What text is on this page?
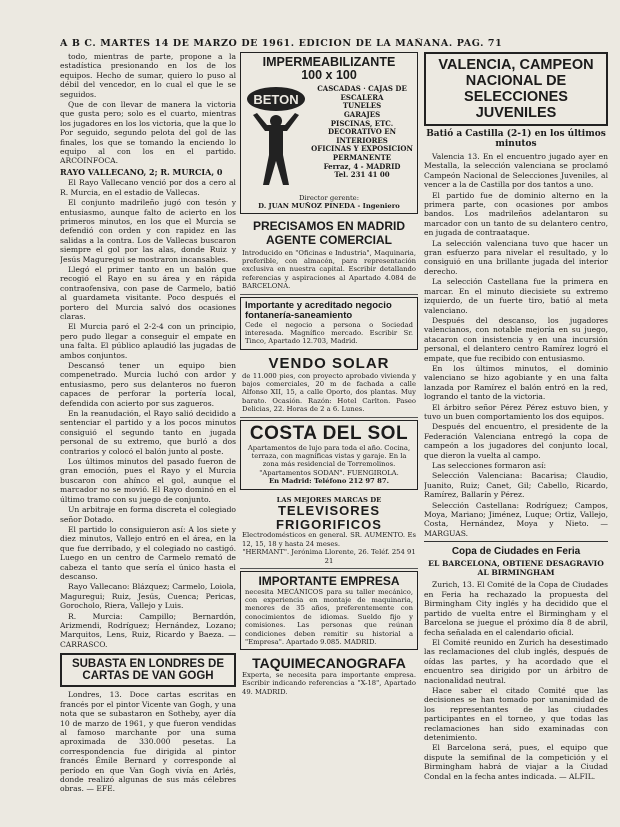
A B C. MARTES 14 DE MARZO DE 1961. EDICION DE LA MAÑANA. PAG. 71

todo, mientras de parte, propone a la estadística presionando en los de los equipos. Hecho de sumar, quiero lo puso al débil del vencedor, en lo cual el que le se seguidos.

Que de con llevar de manera la victoria que gusta pero; solo es el cuarto, mientras los jugadores en los los victoria, que la que lo Por seguido, segundo pelota del gol de las finales, los que se tomando la enciendo lo equipo al con los en el partido. ARCOINFOCA.

RAYO VALLECANO, 2; R. MURCIA, 0

El Rayo Vallecano venció por dos a cero al R. Murcia, en el estadio de Vallecas.

El conjunto madrileño jugó con tesón y entusiasmo, aunque falto de acierto en los primeros minutos, en los que el Murcia se defendió con orden y con rapidez en las salidas a la contra. Los de Vallecas buscaron siempre el gol por las alas, donde Ruiz y Jesús Maguregui se mostraron incansables.

Llegó el primer tanto en un balón que recogió el Rayo en su área y en rápida contraofensiva, con pase de Carmelo, batió al guardameta visitante. Poco después el portero del Murcia salvó dos ocasiones claras.

El Murcia paró el 2-2-4 con un principio, pero pudo llegar a conseguir el empate en una falta. El público aplaudió las jugadas de ambos conjuntos.

Descansó tener un equipo bien compenetrado. Murcia luchó con ardor y entusiasmo, pero sus delanteros no fueron capaces de perforar la portería local, defendida con acierto por sus zagueros.

En la reanudación, el Rayo salió decidido a sentenciar el partido y a los pocos minutos consiguió el segundo tanto en jugada personal de su extremo, que burló a dos contrarios y colocó el balón junto al poste.

Los últimos minutos del pasado fueron de gran emoción, pues el Rayo y el Murcia buscaron con ahínco el gol, aunque el marcador no se movió. El Rayo dominó en el último tramo con su juego de conjunto.

Un arbitraje en forma discreta el colegiado señor Dotado.

El partido lo consiguieron así: A los siete y diez minutos, Vallejo entró en el área, en la que fue derribado, y el colegiado no castigó. Luego en un centro de Carmelo remató de cabeza el tanto que sería el único hasta el descanso.

Rayo Vallecano: Blázquez; Carmelo, Loiola, Maguregui; Ruiz, Jesús, Cuenca; Pericas, Gorocholo, Riera, Vallejo y Luis.

R. Murcia: Campillo; Bernardón, Arizmendi, Rodríguez; Hernández, Lozano; Marquitos, Lens, Ruiz, Ricardo y Baeza. — CARRASCO.

SUBASTA EN LONDRES DE CARTAS DE VAN GOGH

Londres, 13. Doce cartas escritas en francés por el pintor Vicente van Gogh, y una nota que se subastaron en Sotheby, ayer día 10 de marzo de 1961, y que fueron vendidas al famoso marchante por una suma aproximada de 330.000 pesetas. La correspondencia fue dirigida al pintor francés Émile Bernard y corresponde al período en que Van Gogh vivía en Arlés, donde realizó algunas de sus más célebres obras. — EFE.

IMPERMEABILIZANTE
100 x 100
BETON
CASCADAS · CAJAS DE ESCALERA
TUNELES
GARAJES
PISCINAS, ETC.
DECORATIVO EN INTERIORES
OFICINAS Y EXPOSICION PERMANENTE
Ferraz, 4 - MADRID
Tel. 231 41 00
Director gerente:
D. JUAN MUÑOZ PINEDA - Ingeniero
PRECISAMOS EN MADRID
AGENTE COMERCIAL
Introducido en "Oficinas e Industria", Maquinaria, preferible, con almacén, para representación exclusiva en nuestra capital. Escribir detallando referencias y aspiraciones al Apartado 4.084 de BARCELONA.
Importante y acreditado negocio fontanería-saneamiento
Cede el negocio a persona o Sociedad interesada. Magnífico mercado. Escribir Sr. Tinco, Apartado 12.703, Madrid.
VENDO SOLAR
de 11.000 pies, con proyecto aprobado vivienda y bajos comerciales, 20 m de fachada a calle Alfonso XII, 15, a calle Oporto, dos plantas. Muy barato. Ocasión. Razón: Hotel Carlton. Paseo Delicias, 22. Horas de 2 a 6. Lunes.
COSTA DEL SOL
Apartamentos de lujo para toda el año. Cocina, terraza, con magníficas vistas y garaje. En la zona más residencial de Torremolinos. "Apartamentos SODAN". FUENGIROLA.
En Madrid: Teléfono 212 97 87.
LAS MEJORES MARCAS DE
TELEVISORES
FRIGORIFICOS
Electrodomésticos en general. SR. AUMENTO. Es 12, 15, 18 y hasta 24 meses.
"HERMANT". Jerónima Llorente, 26. Teléf. 254 91 21
IMPORTANTE EMPRESA
necesita MECÁNICOS para su taller mecánico, con experiencia en montaje de maquinaria, menores de 35 años, preferentemente con conocimientos de idiomas. Sueldo fijo y comisiones. Las personas que reúnan condiciones deben remitir su historial a "Empresa". Apartado 9.085. MADRID.
TAQUIMECANOGRAFA
Experta, se necesita para importante empresa. Escribir indicando referencias a "X-18", Apartado 49. MADRID.
VALENCIA, CAMPEON NACIONAL DE SELECCIONES JUVENILES
Batió a Castilla (2-1) en los últimos minutos

Valencia 13. En el encuentro jugado ayer en Mestalla, la selección valenciana se proclamó Campeón Nacional de Selecciones Juveniles, al vencer a la de Castilla por dos tantos a uno.

El partido fue de dominio alterno en la primera parte, con ocasiones por ambos bandos. Los madrileños adelantaron su marcador con un tanto de su delantero centro, en jugada de contraataque.

La selección valenciana tuvo que hacer un gran esfuerzo para nivelar el resultado, y lo consiguió en una brillante jugada del interior derecho.

La selección Castellana fue la primera en marcar. En el minuto diecisiete su extremo izquierdo, de un fuerte tiro, batió al meta valenciano.

Después del descanso, los jugadores valencianos, con notable mejoría en su juego, atacaron con insistencia y en una incursión personal, el delantero centro Ramírez logró el empate, que fue recibido con entusiasmo.

En los últimos minutos, el dominio valenciano se hizo agobiante y en una falta lanzada por Ramírez el balón entró en la red, logrando el tanto de la victoria.

El árbitro señor Pérez Pérez estuvo bien, y tuvo un buen comportamiento los dos equipos.

Después del encuentro, el presidente de la Federación Valenciana entregó la copa de campeón a los jugadores del conjunto local, que dieron la vuelta al campo.

Las selecciones formaron así:

Selección Valenciana: Bacarisa; Claudio, Juanito, Ruiz; Canet, Gil; Cabello, Ricardo, Ramírez, Ballarín y Pérez.

Selección Castellana: Rodríguez; Campos, Moya, Mariano; Jiménez, Luque; Ortiz, Vallejo, Costa, Hernández, Moya y Nieto. — MARGUAS.

Copa de Ciudades en Feria
EL BARCELONA, OBTIENE DESAGRAVIO AL BIRMINGHAM

Zurich, 13. El Comité de la Copa de Ciudades en Feria ha rechazado la propuesta del Birmingham City inglés y ha decidido que el partido de vuelta entre el Birmingham y el Barcelona se juegue el próximo día 8 de abril, fecha señalada en el calendario oficial.

El Comité reunido en Zurich ha desestimado las reclamaciones del club inglés, después de oídas las partes, y ha acordado que el encuentro sea dirigido por un árbitro de nacionalidad neutral.

Hace saber el citado Comité que las decisiones se han tomado por unanimidad de los representantes de las ciudades participantes en el torneo, y que todas las reclamaciones han sido examinadas con detenimiento.

El Barcelona será, pues, el equipo que dispute la semifinal de la competición y el Birmingham habrá de viajar a la Ciudad Condal en la fecha antes indicada. — ALFIL.
